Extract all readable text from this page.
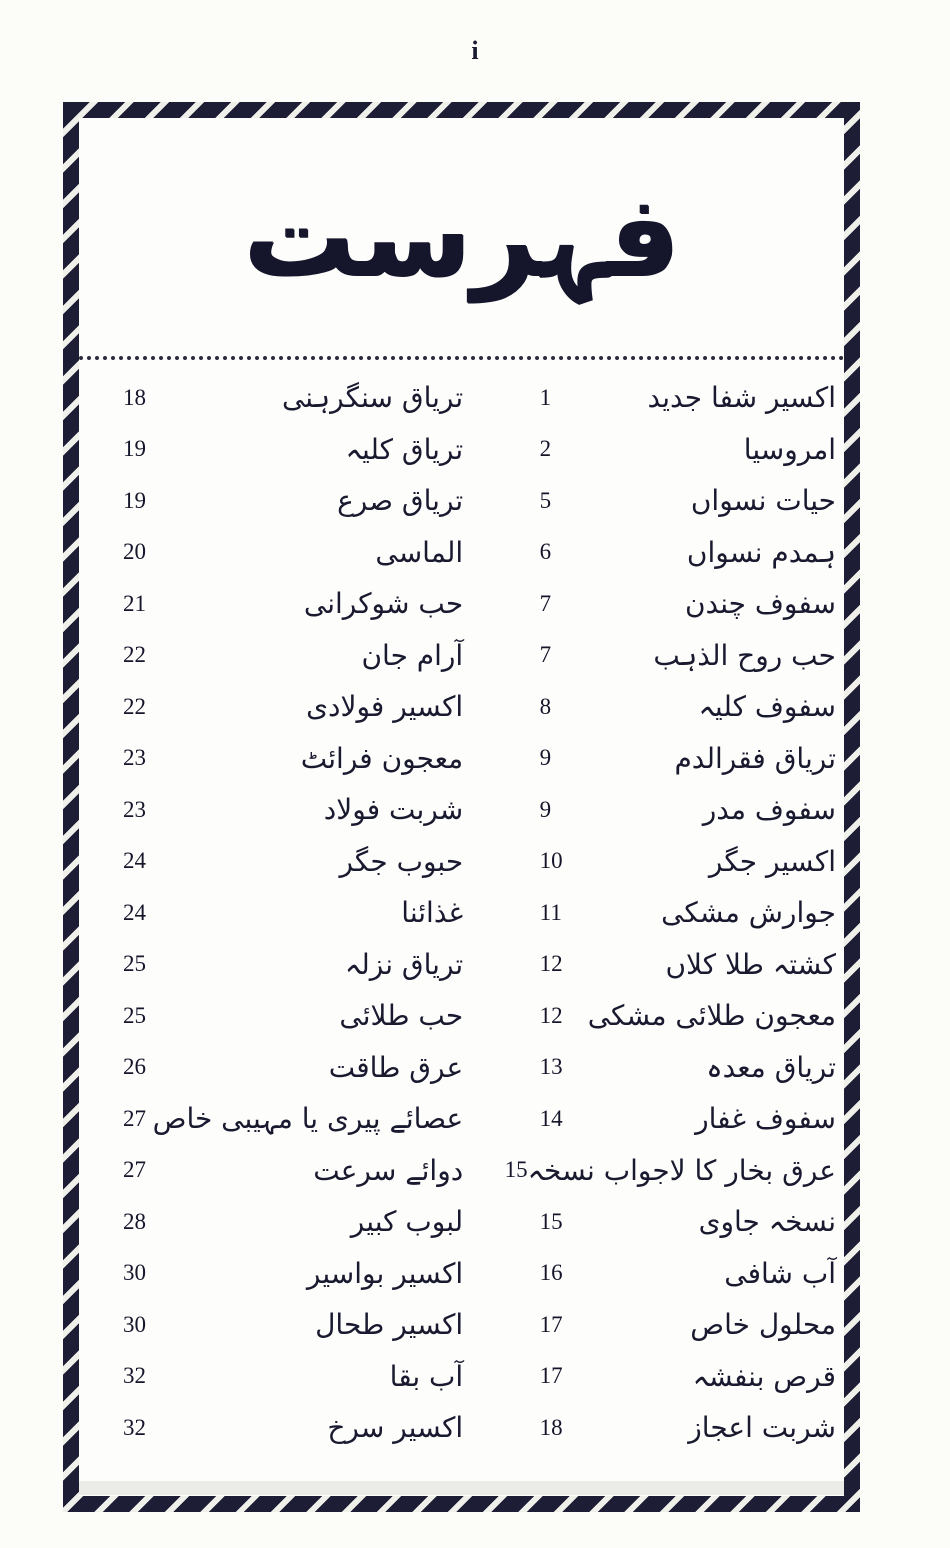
i
فہرست
اکسیر شفا جدید
1
امروسیا
2
حیات نسواں
5
ہمدم نسواں
6
سفوف چندن
7
حب روح الذہب
7
سفوف کلیہ
8
تریاق فقرالدم
9
سفوف مدر
9
اکسیر جگر
10
جوارش مشکی
11
کشتہ طلا کلاں
12
معجون طلائی مشکی
12
تریاق معدہ
13
سفوف غفار
14
عرق بخار کا لاجواب نسخہ
15
نسخہ جاوی
15
آب شافی
16
محلول خاص
17
قرص بنفشہ
17
شربت اعجاز
18
تریاق سنگرہنی
18
تریاق کلیہ
19
تریاق صرع
19
الماسی
20
حب شوکرانی
21
آرام جان
22
اکسیر فولادی
22
معجون فرائٹ
23
شربت فولاد
23
حبوب جگر
24
غذائنا
24
تریاق نزلہ
25
حب طلائی
25
عرق طاقت
26
عصائے پیری یا مہیبی خاص
27
دوائے سرعت
27
لبوب کبیر
28
اکسیر بواسیر
30
اکسیر طحال
30
آب بقا
32
اکسیر سرخ
32
